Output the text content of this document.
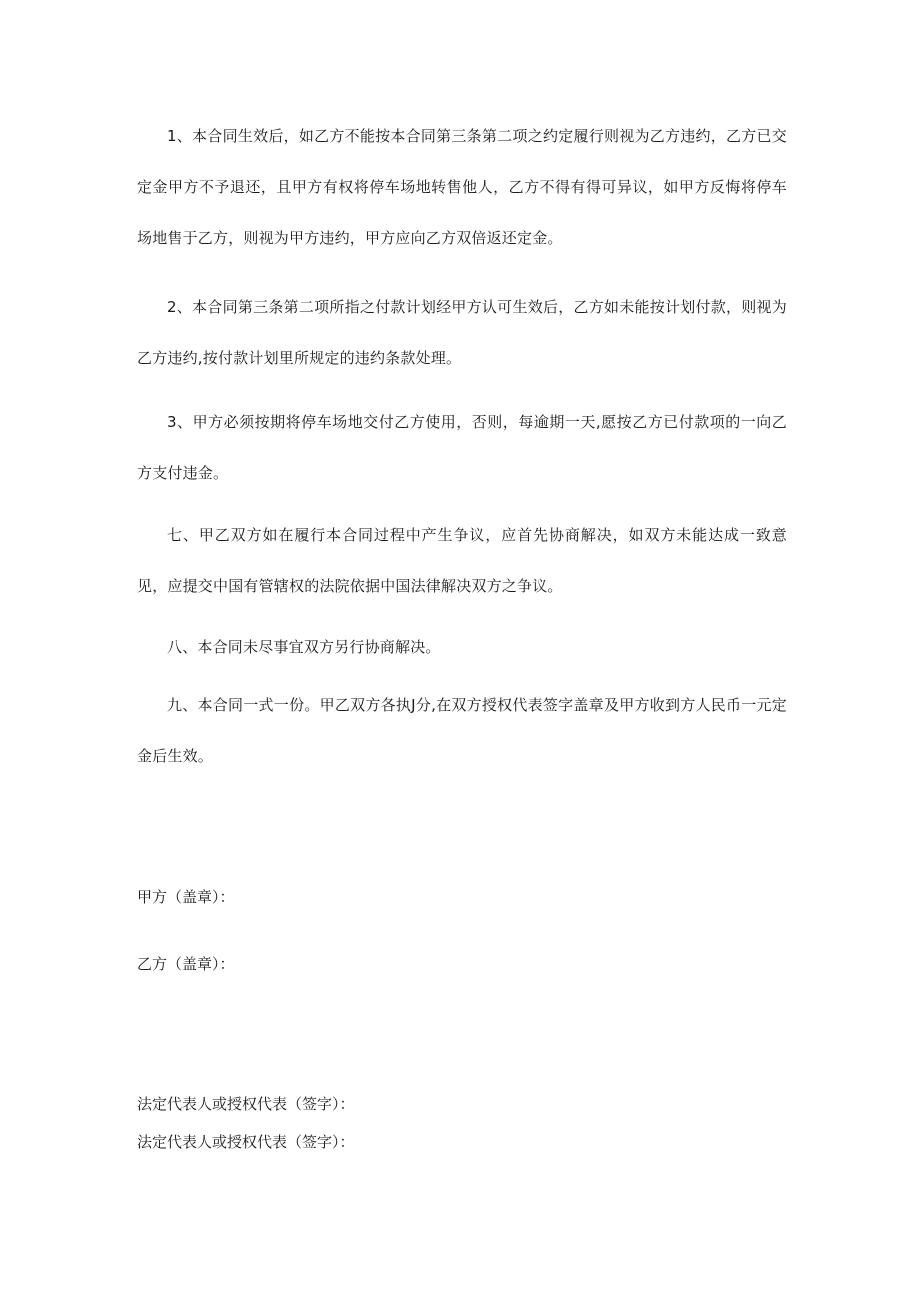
1、本合同生效后，如乙方不能按本合同第三条第二项之约定履行则视为乙方违约，乙方已交定金甲方不予退还，且甲方有权将停车场地转售他人，乙方不得有得可异议，如甲方反悔将停车场地售于乙方，则视为甲方违约，甲方应向乙方双倍返还定金。

2、本合同第三条第二项所指之付款计划经甲方认可生效后，乙方如未能按计划付款，则视为乙方违约,按付款计划里所规定的违约条款处理。

3、甲方必须按期将停车场地交付乙方使用，否则，每逾期一天,愿按乙方已付款项的一向乙方支付违金。

七、甲乙双方如在履行本合同过程中产生争议，应首先协商解决，如双方未能达成一致意见，应提交中国有管辖权的法院依据中国法律解决双方之争议。

八、本合同未尽事宜双方另行协商解决。

九、本合同一式一份。甲乙双方各执J分,在双方授权代表签字盖章及甲方收到方人民币一元定金后生效。

甲方（盖章）：

乙方（盖章）：

法定代表人或授权代表（签字）：

法定代表人或授权代表（签字）：
